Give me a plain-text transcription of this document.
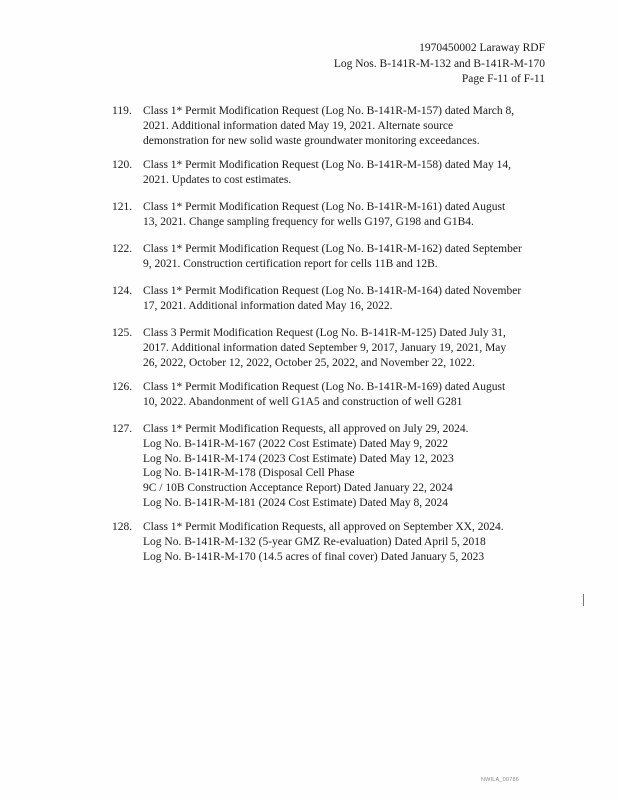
1970450002 Laraway RDF
Log Nos. B-141R-M-132 and B-141R-M-170
Page F-11 of F-11
119. Class 1* Permit Modification Request (Log No. B-141R-M-157) dated March 8,
2021. Additional information dated May 19, 2021. Alternate source
demonstration for new solid waste groundwater monitoring exceedances.
120. Class 1* Permit Modification Request (Log No. B-141R-M-158) dated May 14,
2021. Updates to cost estimates.
121. Class 1* Permit Modification Request (Log No. B-141R-M-161) dated August
13, 2021. Change sampling frequency for wells G197, G198 and G1B4.
122. Class 1* Permit Modification Request (Log No. B-141R-M-162) dated September
9, 2021. Construction certification report for cells 11B and 12B.
124. Class 1* Permit Modification Request (Log No. B-141R-M-164) dated November
17, 2021. Additional information dated May 16, 2022.
125. Class 3 Permit Modification Request (Log No. B-141R-M-125) Dated July 31,
2017. Additional information dated September 9, 2017, January 19, 2021, May
26, 2022, October 12, 2022, October 25, 2022, and November 22, 1022.
126. Class 1* Permit Modification Request (Log No. B-141R-M-169) dated August
10, 2022. Abandonment of well G1A5 and construction of well G281
127. Class 1* Permit Modification Requests, all approved on July 29, 2024.
Log No. B-141R-M-167 (2022 Cost Estimate) Dated May 9, 2022
Log No. B-141R-M-174 (2023 Cost Estimate) Dated May 12, 2023
Log No. B-141R-M-178 (Disposal Cell Phase
9C / 10B Construction Acceptance Report) Dated January 22, 2024
Log No. B-141R-M-181 (2024 Cost Estimate) Dated May 8, 2024
128. Class 1* Permit Modification Requests, all approved on September XX, 2024.
Log No. B-141R-M-132 (5-year GMZ Re-evaluation) Dated April 5, 2018
Log No. B-141R-M-170 (14.5 acres of final cover) Dated January 5, 2023
NWILA_00786
